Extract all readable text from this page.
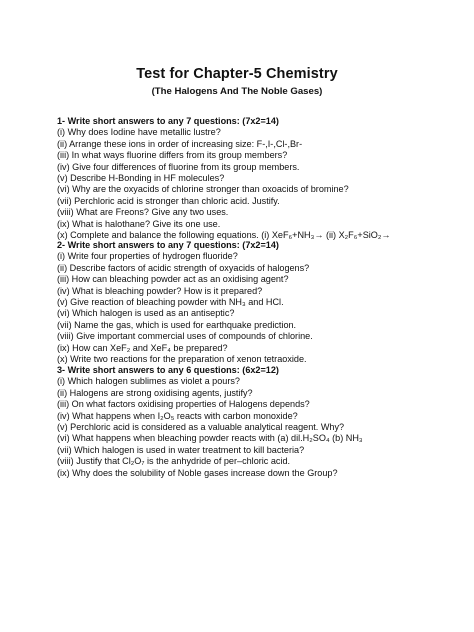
Test for Chapter-5 Chemistry
(The Halogens And The Noble Gases)
1- Write short answers to any 7 questions: (7x2=14)
(i) Why does Iodine have metallic lustre?
(ii) Arrange these ions in order of increasing size: F-,I-,Cl-,Br-
(iii) In what ways fluorine differs from its group members?
(iv) Give four differences of fluorine from its group members.
(v) Describe H-Bonding in HF molecules?
(vi) Why are the oxyacids of chlorine stronger than oxoacids of bromine?
(vii) Perchloric acid is stronger than chloric acid. Justify.
(viii) What are Freons? Give any two uses.
(ix) What is halothane? Give its one use.
(x) Complete and balance the following equations. (i) XeF₆+NH₃→ (ii) X₂F₆+SiO₂→
2- Write short answers to any 7 questions: (7x2=14)
(i) Write four properties of hydrogen fluoride?
(ii) Describe factors of acidic strength of oxyacids of halogens?
(iii) How can bleaching powder act as an oxidising agent?
(iv) What is bleaching powder? How is it prepared?
(v) Give reaction of bleaching powder with NH₃ and HCl.
(vi) Which halogen is used as an antiseptic?
(vii) Name the gas, which is used for earthquake prediction.
(viii) Give important commercial uses of compounds of chlorine.
(ix) How can XeF₂ and XeF₄ be prepared?
(x) Write two reactions for the preparation of xenon tetraoxide.
3- Write short answers to any 6 questions: (6x2=12)
(i) Which halogen sublimes as violet a pours?
(ii) Halogens are strong oxidising agents, justify?
(iii) On what factors oxidising properties of Halogens depends?
(iv) What happens when I₂O₅ reacts with carbon monoxide?
(v) Perchloric acid is considered as a valuable analytical reagent. Why?
(vi) What happens when bleaching powder reacts with (a) dil.H₂SO₄ (b) NH₃
(vii) Which halogen is used in water treatment to kill bacteria?
(viii) Justify that Cl₂O₇ is the anhydride of per–chloric acid.
(ix) Why does the solubility of Noble gases increase down the Group?
